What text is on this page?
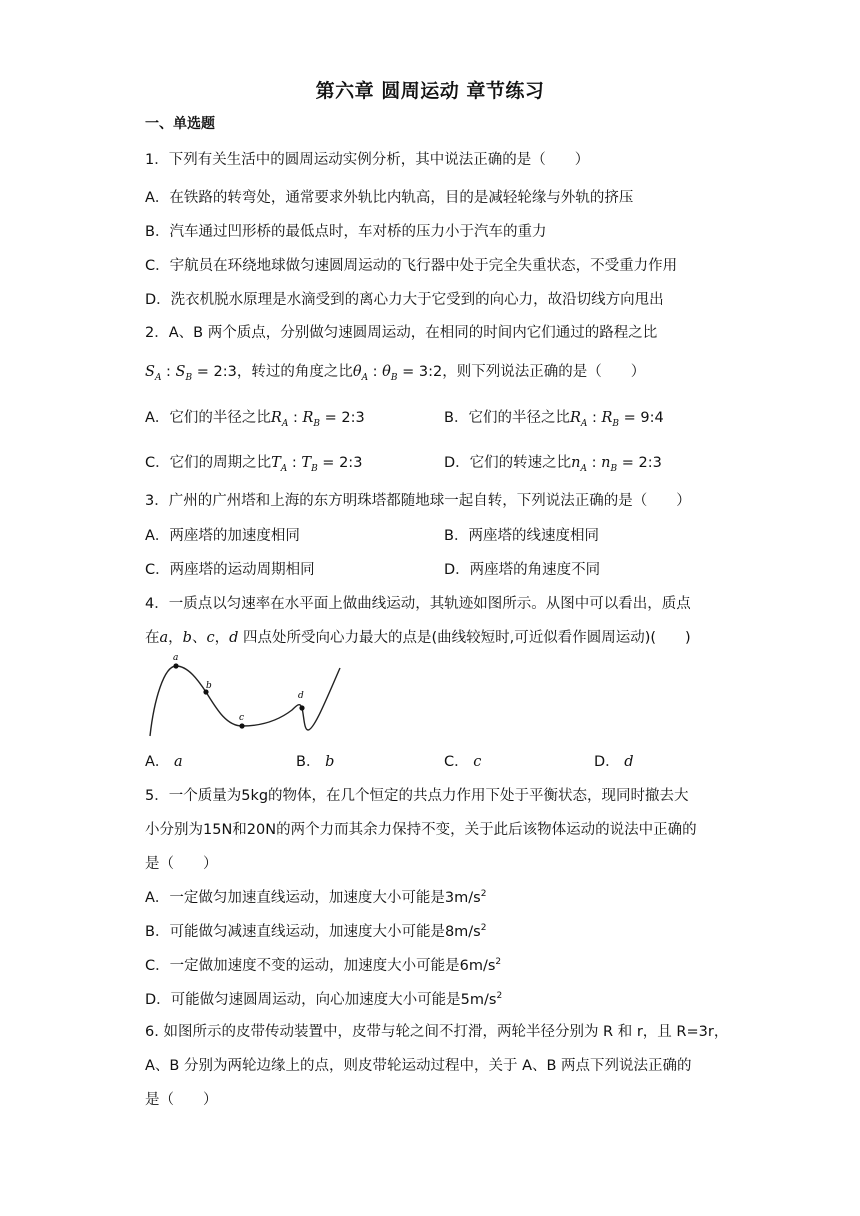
第六章 圆周运动 章节练习
一、单选题
1．下列有关生活中的圆周运动实例分析，其中说法正确的是（　　）
A．在铁路的转弯处，通常要求外轨比内轨高，目的是减轻轮缘与外轨的挤压
B．汽车通过凹形桥的最低点时，车对桥的压力小于汽车的重力
C．宇航员在环绕地球做匀速圆周运动的飞行器中处于完全失重状态，不受重力作用
D．洗衣机脱水原理是水滴受到的离心力大于它受到的向心力，故沿切线方向甩出
2．A、B 两个质点，分别做匀速圆周运动，在相同的时间内它们通过的路程之比
$S_A$ : $S_B$ = 2:3，转过的角度之比$\theta_A$ : $\theta_B$ = 3:2，则下列说法正确的是（　　）
A．它们的半径之比$R_A$ : $R_B$ = 2:3	B．它们的半径之比$R_A$ : $R_B$ = 9:4
C．它们的周期之比$T_A$ : $T_B$ = 2:3	D．它们的转速之比$n_A$ : $n_B$ = 2:3
3．广州的广州塔和上海的东方明珠塔都随地球一起自转，下列说法正确的是（　　）
A．两座塔的加速度相同	B．两座塔的线速度相同
C．两座塔的运动周期相同	D．两座塔的角速度不同
4．一质点以匀速率在水平面上做曲线运动，其轨迹如图所示。从图中可以看出，质点
在a，b、c，d 四点处所受向心力最大的点是(曲线较短时,可近似看作圆周运动)(　　)
a
b
c
d
A． a	B． b	C． c	D． d
5．一个质量为5kg的物体，在几个恒定的共点力作用下处于平衡状态，现同时撤去大
小分别为15N和20N的两个力而其余力保持不变，关于此后该物体运动的说法中正确的
是（　　）
A．一定做匀加速直线运动，加速度大小可能是$3m/s^2$
B．可能做匀减速直线运动，加速度大小可能是$8m/s^2$
C．一定做加速度不变的运动，加速度大小可能是$6m/s^2$
D．可能做匀速圆周运动，向心加速度大小可能是$5m/s^2$
6. 如图所示的皮带传动装置中，皮带与轮之间不打滑，两轮半径分别为 R 和 r，且 R=3r，
A、B 分别为两轮边缘上的点，则皮带轮运动过程中，关于 A、B 两点下列说法正确的
是（　　）
